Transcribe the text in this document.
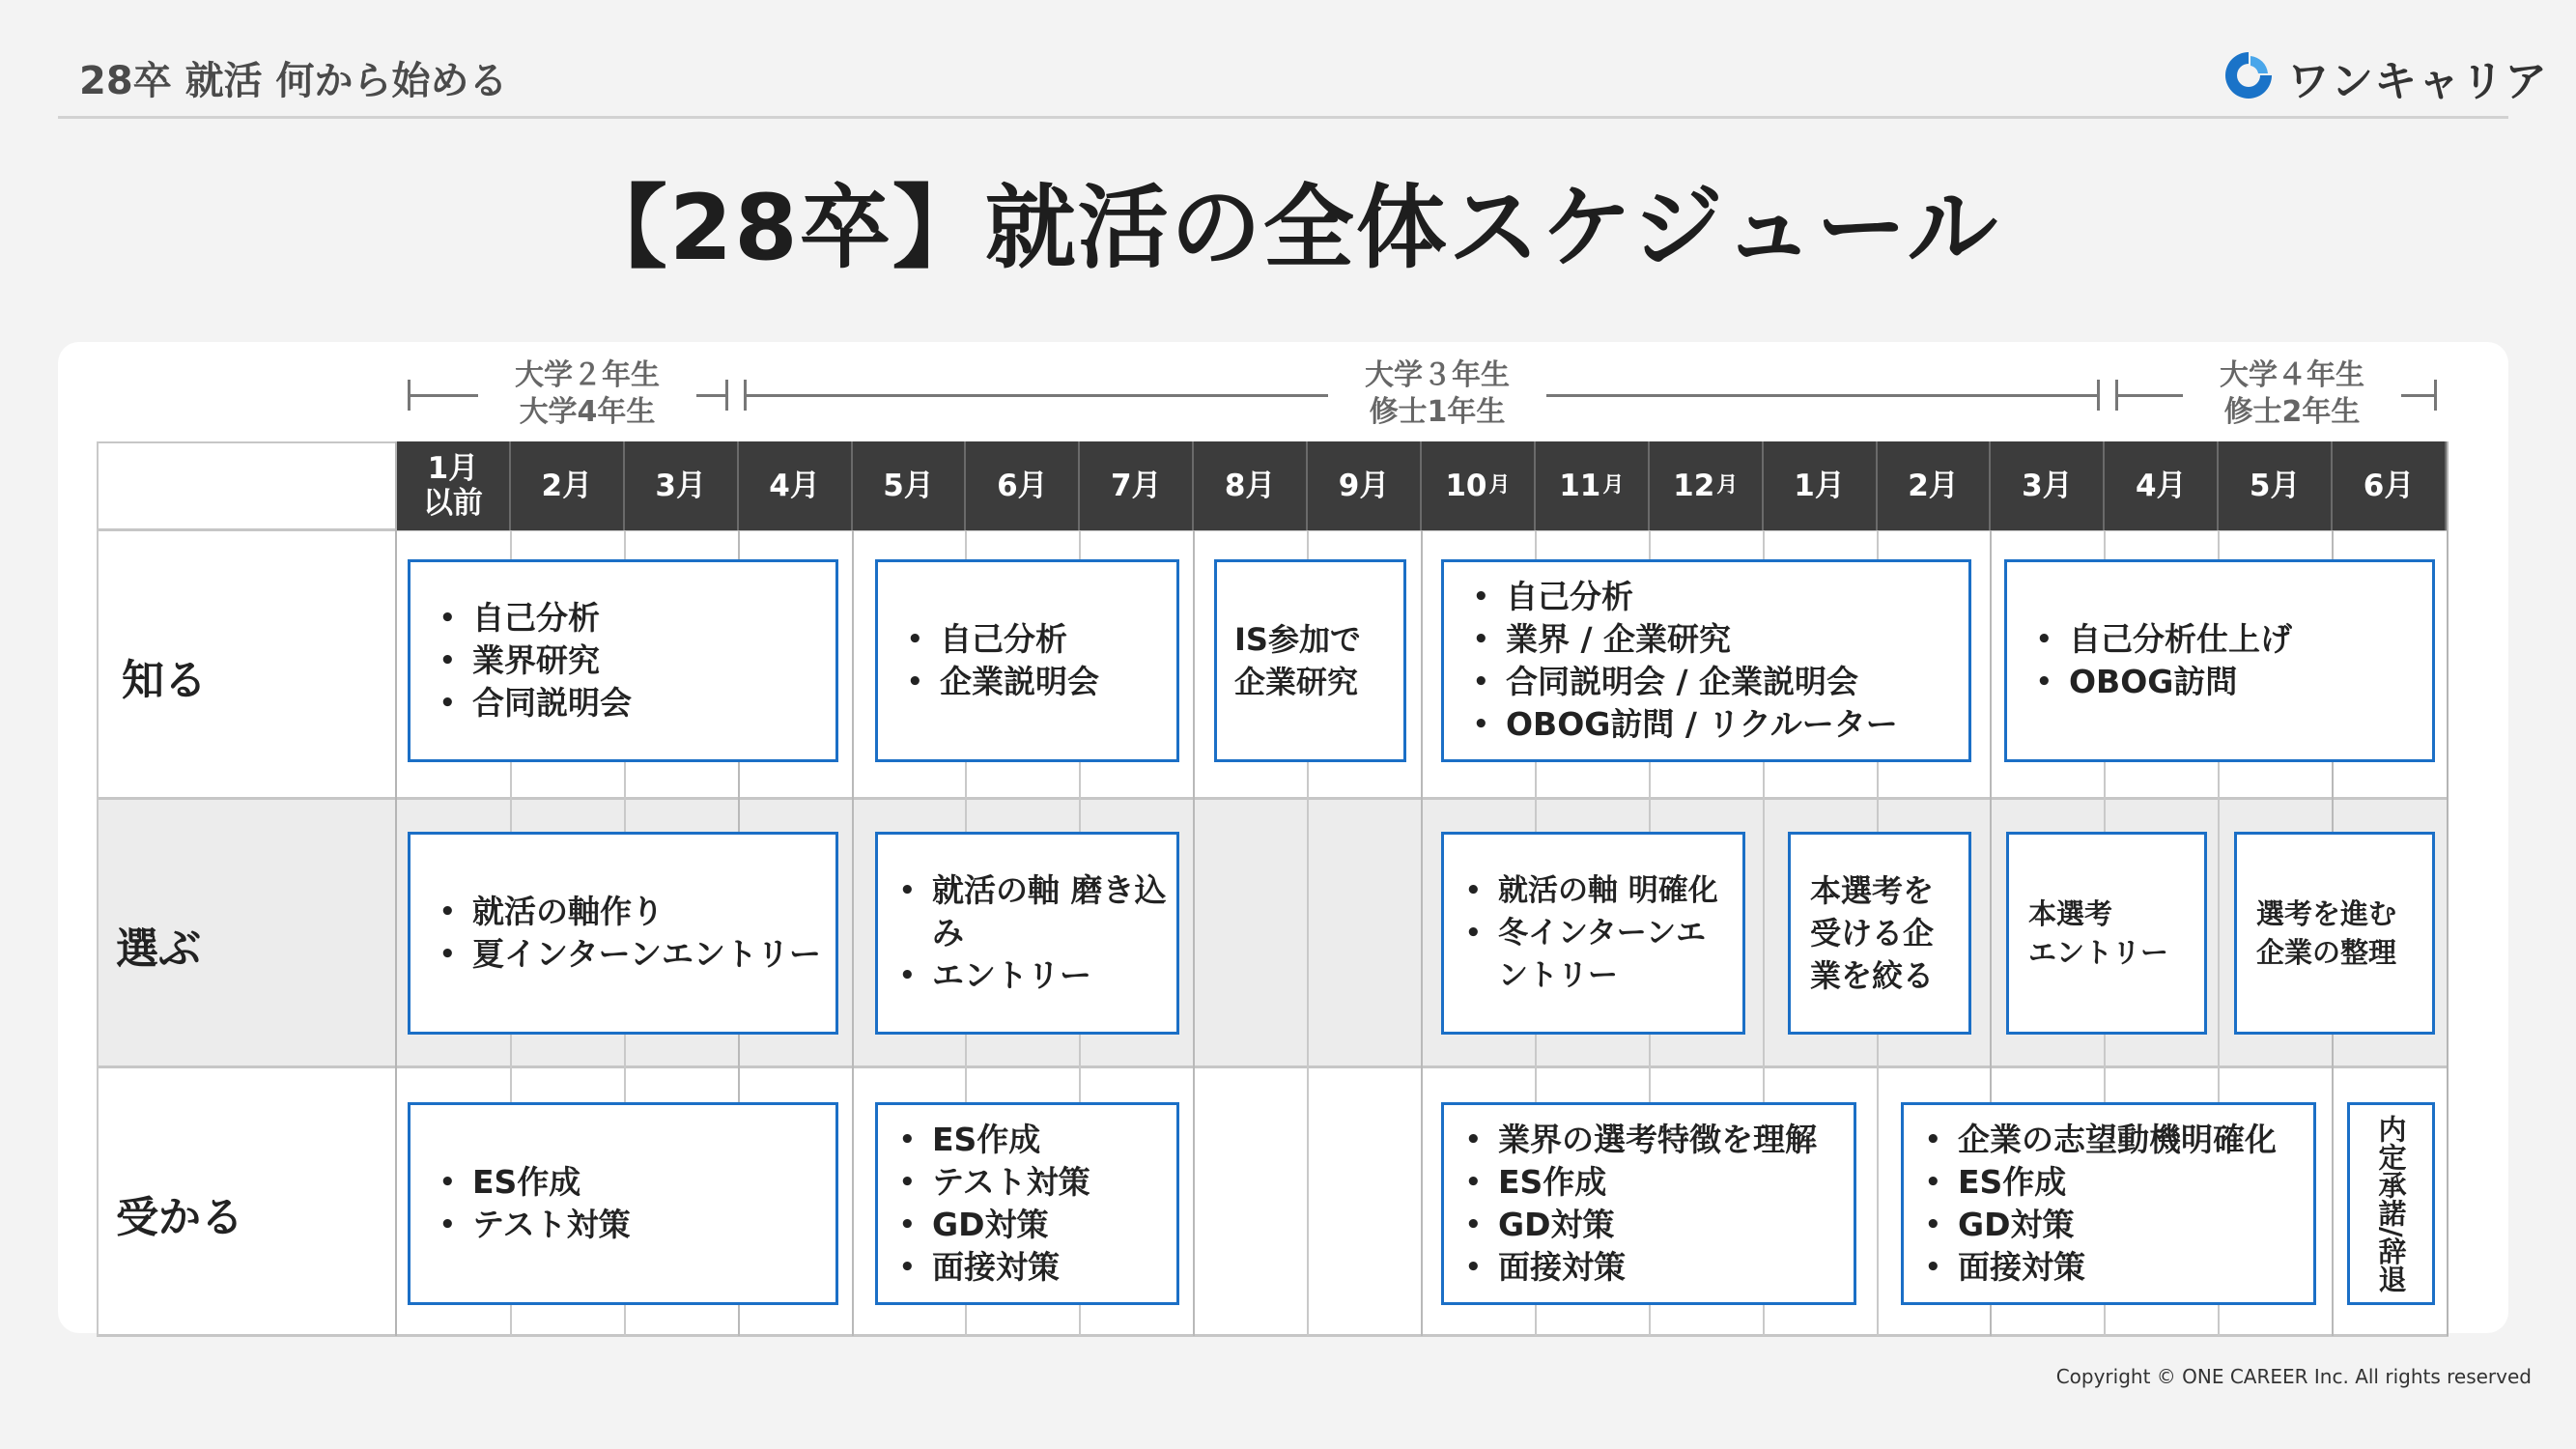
28卒 就活 何から始める	ワンキャリア
【28卒】就活の全体スケジュール
大学２年生
大学4年生
大学３年生
修士1年生
大学４年生
修士2年生
1月
以前 2月 3月 4月 5月 6月 7月 8月 9月 10 月 11 月 12 月 1月 2月 3月 4月 5月 6月
知る
選ぶ
受かる
• 自己分析
• 業界研究
• 合同説明会
• 自己分析
• 企業説明会
IS参加で
企業研究
• 自己分析
• 業界 / 企業研究
• 合同説明会 / 企業説明会
• OBOG訪問 / リクルーター
• 自己分析仕上げ
• OBOG訪問
• 就活の軸作り
• 夏インターンエントリー
• 就活の軸 磨き込み
• エントリー
• 就活の軸 明確化
• 冬インターンエントリー
本選考を受ける企業を絞る
本選考
エントリー
選考を進む
企業の整理
• ES作成
• テスト対策
• ES作成
• テスト対策
• GD対策
• 面接対策
• 業界の選考特徴を理解
• ES作成
• GD対策
• 面接対策
• 企業の志望動機明確化
• ES作成
• GD対策
• 面接対策	内定承諾/辞退
Copyright © ONE CAREER Inc. All rights reserved
